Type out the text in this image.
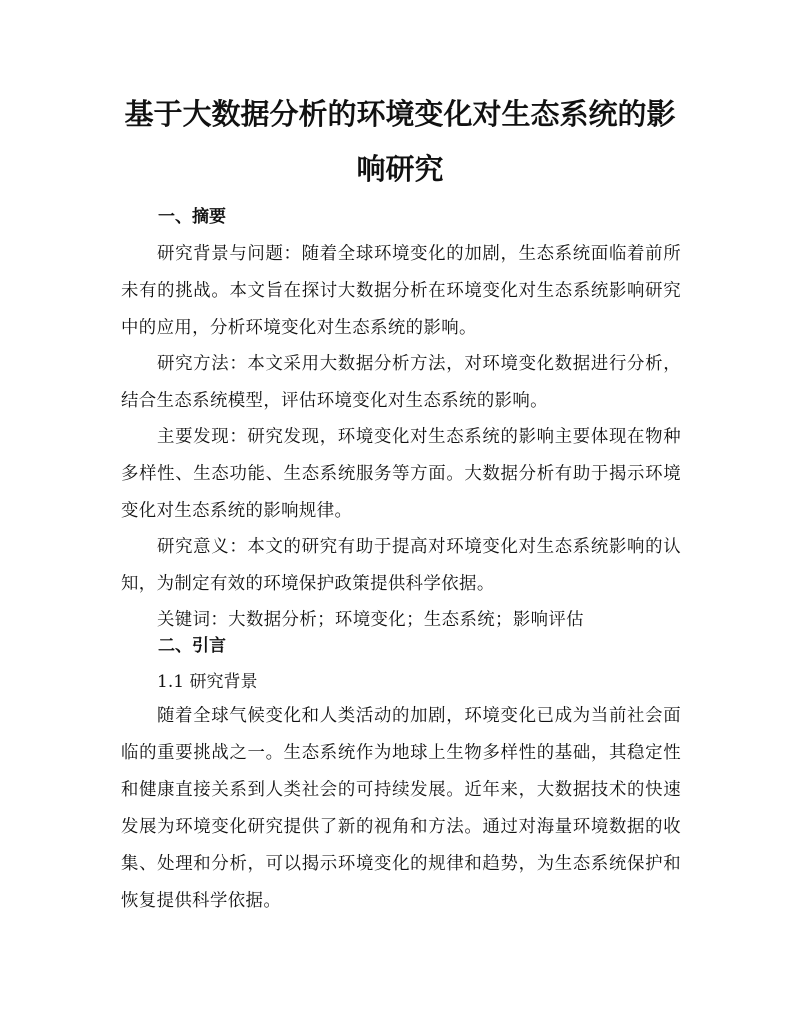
基于大数据分析的环境变化对生态系统的影
响研究
一、摘要

研究背景与问题：随着全球环境变化的加剧，生态系统面临着前所未有的挑战。本文旨在探讨大数据分析在环境变化对生态系统影响研究中的应用，分析环境变化对生态系统的影响。

研究方法：本文采用大数据分析方法，对环境变化数据进行分析，结合生态系统模型，评估环境变化对生态系统的影响。

主要发现：研究发现，环境变化对生态系统的影响主要体现在物种多样性、生态功能、生态系统服务等方面。大数据分析有助于揭示环境变化对生态系统的影响规律。

研究意义：本文的研究有助于提高对环境变化对生态系统影响的认知，为制定有效的环境保护政策提供科学依据。

关键词：大数据分析；环境变化；生态系统；影响评估

二、引言

1.1 研究背景

随着全球气候变化和人类活动的加剧，环境变化已成为当前社会面临的重要挑战之一。生态系统作为地球上生物多样性的基础，其稳定性和健康直接关系到人类社会的可持续发展。近年来，大数据技术的快速发展为环境变化研究提供了新的视角和方法。通过对海量环境数据的收集、处理和分析，可以揭示环境变化的规律和趋势，为生态系统保护和恢复提供科学依据。
